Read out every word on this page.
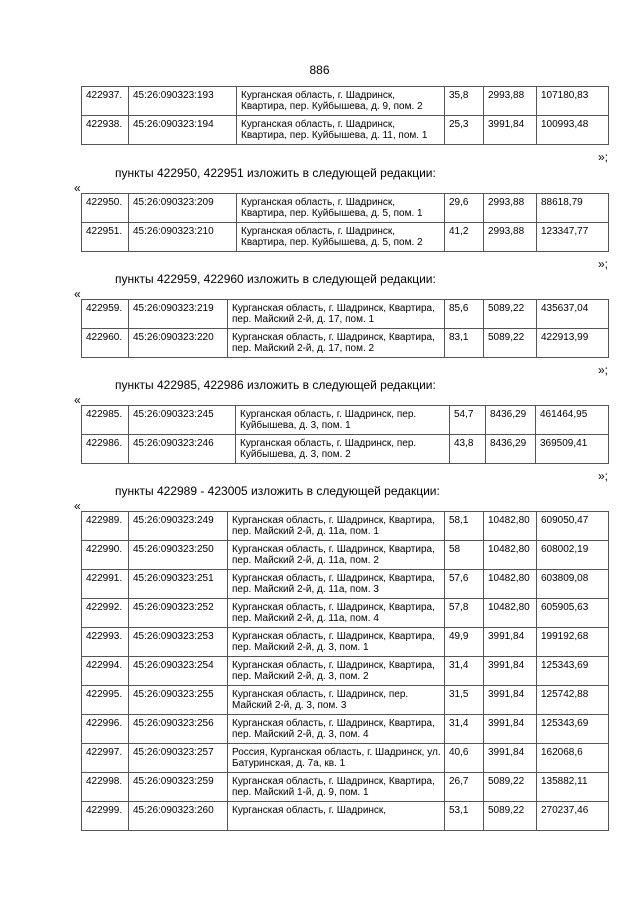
886
422937.	45:26:090323:193	Курганская область, г. Шадринск, Квартира, пер. Куйбышева, д. 9, пом. 2	35,8	2993,88	107180,83
422938.	45:26:090323:194	Курганская область, г. Шадринск, Квартира, пер. Куйбышева, д. 11, пом. 1	25,3	3991,84	100993,48
»;
пункты 422950, 422951 изложить в следующей редакции:
«
422950.	45:26:090323:209	Курганская область, г. Шадринск, Квартира, пер. Куйбышева, д. 5, пом. 1	29,6	2993,88	88618,79
422951.	45:26:090323:210	Курганская область, г. Шадринск, Квартира, пер. Куйбышева, д. 5, пом. 2	41,2	2993,88	123347,77
»;
пункты 422959, 422960 изложить в следующей редакции:
«
422959.	45:26:090323:219	Курганская область, г. Шадринск, Квартира, пер. Майский 2-й, д. 17, пом. 1	85,6	5089,22	435637,04
422960.	45:26:090323:220	Курганская область, г. Шадринск, Квартира, пер. Майский 2-й, д. 17, пом. 2	83,1	5089,22	422913,99
»;
пункты 422985, 422986 изложить в следующей редакции:
«
422985.	45:26:090323:245	Курганская область, г. Шадринск, пер. Куйбышева, д. 3, пом. 1	54,7	8436,29	461464,95
422986.	45:26:090323:246	Курганская область, г. Шадринск, пер. Куйбышева, д. 3, пом. 2	43,8	8436,29	369509,41
»;
пункты 422989 - 423005 изложить в следующей редакции:
«
422989.	45:26:090323:249	Курганская область, г. Шадринск, Квартира, пер. Майский 2-й, д. 11а, пом. 1	58,1	10482,80	609050,47
422990.	45:26:090323:250	Курганская область, г. Шадринск, Квартира, пер. Майский 2-й, д. 11а, пом. 2	58	10482,80	608002,19
422991.	45:26:090323:251	Курганская область, г. Шадринск, Квартира, пер. Майский 2-й, д. 11а, пом. 3	57,6	10482,80	603809,08
422992.	45:26:090323:252	Курганская область, г. Шадринск, Квартира, пер. Майский 2-й, д. 11а, пом. 4	57,8	10482,80	605905,63
422993.	45:26:090323:253	Курганская область, г. Шадринск, Квартира, пер. Майский 2-й, д. 3, пом. 1	49,9	3991,84	199192,68
422994.	45:26:090323:254	Курганская область, г. Шадринск, Квартира, пер. Майский 2-й, д. 3, пом. 2	31,4	3991,84	125343,69
422995.	45:26:090323:255	Курганская область, г. Шадринск, пер. Майский 2-й, д. 3, пом. 3	31,5	3991,84	125742,88
422996.	45:26:090323:256	Курганская область, г. Шадринск, Квартира, пер. Майский 2-й, д. 3, пом. 4	31,4	3991,84	125343,69
422997.	45:26:090323:257	Россия, Курганская область, г. Шадринск, ул. Батуринская, д. 7а, кв. 1	40,6	3991,84	162068,6
422998.	45:26:090323:259	Курганская область, г. Шадринск, Квартира, пер. Майский 1-й, д. 9, пом. 1	26,7	5089,22	135882,11
422999.	45:26:090323:260	Курганская область, г. Шадринск,	53,1	5089,22	270237,46
